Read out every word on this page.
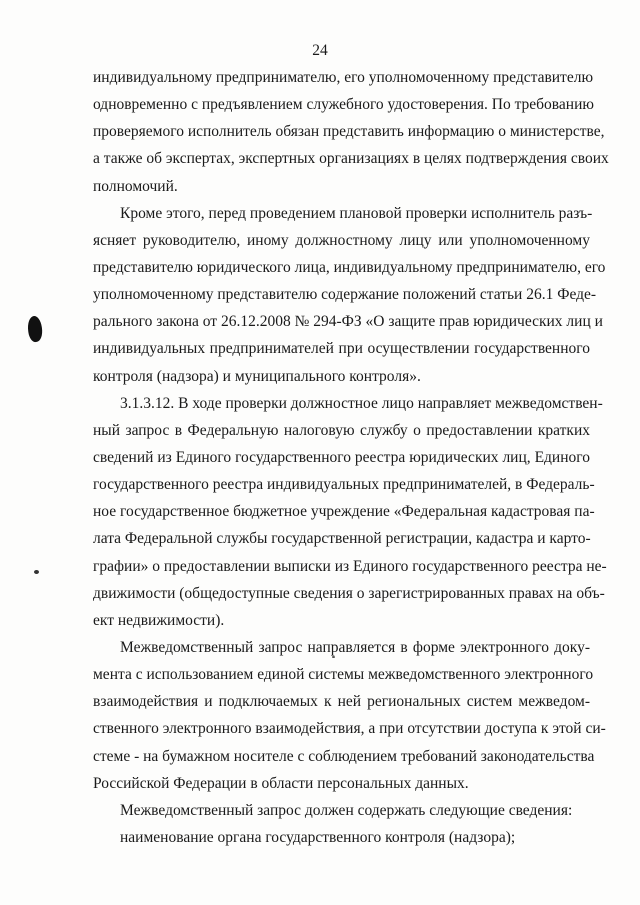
24
индивидуальному предпринимателю, его уполномоченному представителю
одновременно с предъявлением служебного удостоверения. По требованию
проверяемого исполнитель обязан представить информацию о министерстве,
а также об экспертах, экспертных организациях в целях подтверждения своих
полномочий.
Кроме этого, перед проведением плановой проверки исполнитель разъ-
ясняет руководителю, иному должностному лицу или уполномоченному
представителю юридического лица, индивидуальному предпринимателю, его
уполномоченному представителю содержание положений статьи 26.1 Феде-
рального закона от 26.12.2008 № 294-ФЗ «О защите прав юридических лиц и
индивидуальных предпринимателей при осуществлении государственного
контроля (надзора) и муниципального контроля».
3.1.3.12. В ходе проверки должностное лицо направляет межведомствен-
ный запрос в Федеральную налоговую службу о предоставлении кратких
сведений из Единого государственного реестра юридических лиц, Единого
государственного реестра индивидуальных предпринимателей, в Федераль-
ное государственное бюджетное учреждение «Федеральная кадастровая па-
лата Федеральной службы государственной регистрации, кадастра и карто-
графии» о предоставлении выписки из Единого государственного реестра не-
движимости (общедоступные сведения о зарегистрированных правах на объ-
ект недвижимости).
Межведомственный запрос направляется в форме электронного доку-
мента с использованием единой системы межведомственного электронного
взаимодействия и подключаемых к ней региональных систем межведом-
ственного электронного взаимодействия, а при отсутствии доступа к этой си-
стеме - на бумажном носителе с соблюдением требований законодательства
Российской Федерации в области персональных данных.
Межведомственный запрос должен содержать следующие сведения:
наименование органа государственного контроля (надзора);
